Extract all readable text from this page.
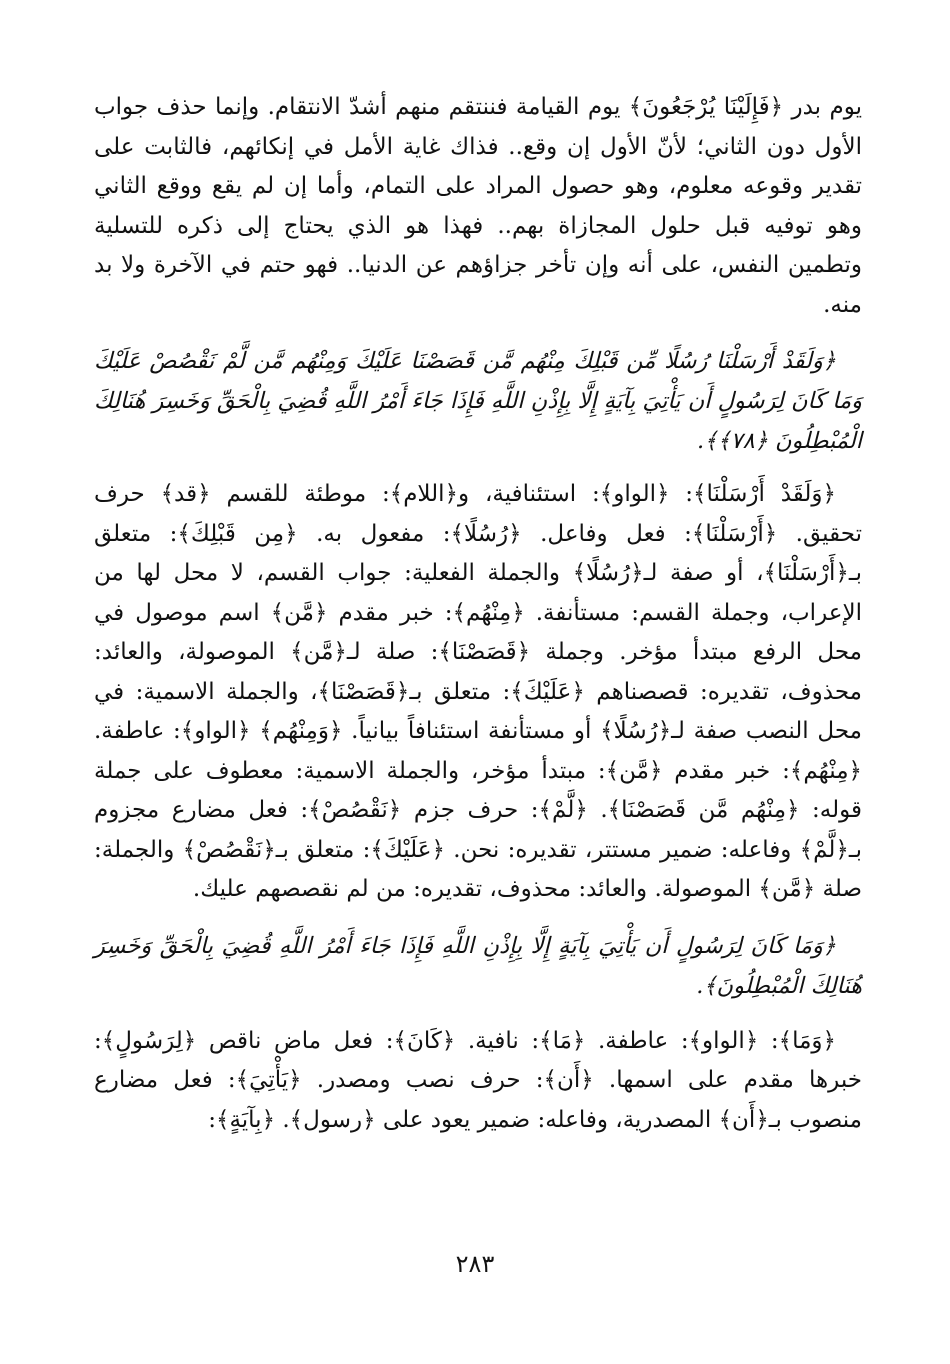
يوم بدر ﴿فَإِلَيْنَا يُرْجَعُونَ﴾ يوم القيامة فننتقم منهم أشدّ الانتقام. وإنما حذف جواب الأول دون الثاني؛ لأنّ الأول إن وقع.. فذاك غاية الأمل في إنكائهم، فالثابت على تقدير وقوعه معلوم، وهو حصول المراد على التمام، وأما إن لم يقع ووقع الثاني وهو توفيه قبل حلول المجازاة بهم.. فهذا هو الذي يحتاج إلى ذكره للتسلية وتطمين النفس، على أنه وإن تأخر جزاؤهم عن الدنيا.. فهو حتم في الآخرة ولا بد منه.

﴿وَلَقَدْ أَرْسَلْنَا رُسُلًا مِّن قَبْلِكَ مِنْهُم مَّن قَصَصْنَا عَلَيْكَ وَمِنْهُم مَّن لَّمْ نَقْصُصْ عَلَيْكَ وَمَا كَانَ لِرَسُولٍ أَن يَأْتِيَ بِآيَةٍ إِلَّا بِإِذْنِ اللَّهِ فَإِذَا جَاءَ أَمْرُ اللَّهِ قُضِيَ بِالْحَقِّ وَخَسِرَ هُنَالِكَ الْمُبْطِلُونَ ﴿٧٨﴾﴾.

﴿وَلَقَدْ أَرْسَلْنَا﴾: ﴿الواو﴾: استئنافية، و﴿اللام﴾: موطئة للقسم ﴿قد﴾ حرف تحقيق. ﴿أَرْسَلْنَا﴾: فعل وفاعل. ﴿رُسُلًا﴾: مفعول به. ﴿مِن قَبْلِكَ﴾: متعلق بـ﴿أَرْسَلْنَا﴾، أو صفة لـ﴿رُسُلًا﴾ والجملة الفعلية: جواب القسم، لا محل لها من الإعراب، وجملة القسم: مستأنفة. ﴿مِنْهُم﴾: خبر مقدم ﴿مَّن﴾ اسم موصول في محل الرفع مبتدأ مؤخر. وجملة ﴿قَصَصْنَا﴾: صلة لـ﴿مَّن﴾ الموصولة، والعائد: محذوف، تقديره: قصصناهم ﴿عَلَيْكَ﴾: متعلق بـ﴿قَصَصْنَا﴾، والجملة الاسمية: في محل النصب صفة لـ﴿رُسُلًا﴾ أو مستأنفة استئنافاً بيانياً. ﴿وَمِنْهُم﴾ ﴿الواو﴾: عاطفة. ﴿مِنْهُم﴾: خبر مقدم ﴿مَّن﴾: مبتدأ مؤخر، والجملة الاسمية: معطوف على جملة قوله: ﴿مِنْهُم مَّن قَصَصْنَا﴾. ﴿لَّمْ﴾: حرف جزم ﴿نَقْصُصْ﴾: فعل مضارع مجزوم بـ﴿لَّمْ﴾ وفاعله: ضمير مستتر، تقديره: نحن. ﴿عَلَيْكَ﴾: متعلق بـ﴿نَقْصُصْ﴾ والجملة: صلة ﴿مَّن﴾ الموصولة. والعائد: محذوف، تقديره: من لم نقصصهم عليك.

﴿وَمَا كَانَ لِرَسُولٍ أَن يَأْتِيَ بِآيَةٍ إِلَّا بِإِذْنِ اللَّهِ فَإِذَا جَاءَ أَمْرُ اللَّهِ قُضِيَ بِالْحَقِّ وَخَسِرَ هُنَالِكَ الْمُبْطِلُونَ﴾.

﴿وَمَا﴾: ﴿الواو﴾: عاطفة. ﴿مَا﴾: نافية. ﴿كَانَ﴾: فعل ماض ناقص ﴿لِرَسُولٍ﴾: خبرها مقدم على اسمها. ﴿أَن﴾: حرف نصب ومصدر. ﴿يَأْتِيَ﴾: فعل مضارع منصوب بـ﴿أَن﴾ المصدرية، وفاعله: ضمير يعود على ﴿رسول﴾. ﴿بِآيَةٍ﴾:

٢٨٣
